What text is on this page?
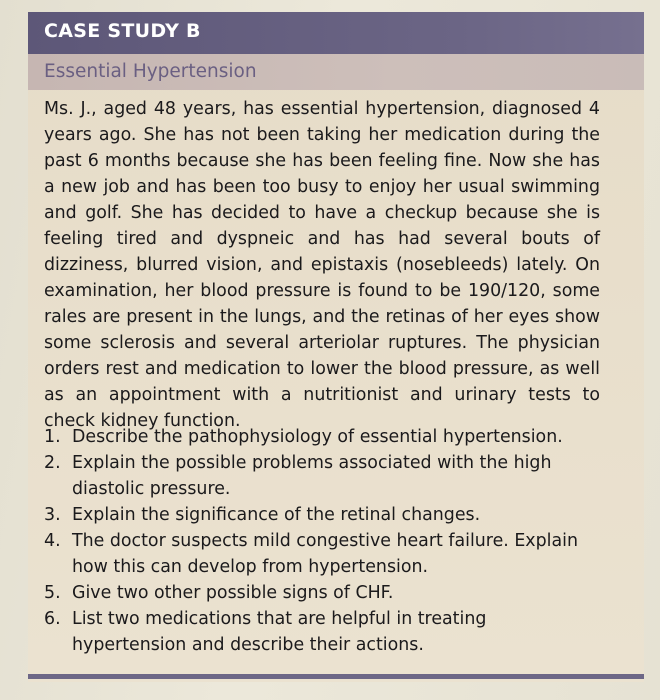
CASE STUDY B
Essential Hypertension

Ms. J., aged 48 years, has essential hypertension, diagnosed 4 years ago. She has not been taking her medication during the past 6 months because she has been feeling fine. Now she has a new job and has been too busy to enjoy her usual swimming and golf. She has decided to have a checkup because she is feeling tired and dyspneic and has had several bouts of dizziness, blurred vision, and epistaxis (nosebleeds) lately. On examination, her blood pressure is found to be 190/120, some rales are present in the lungs, and the retinas of her eyes show some sclerosis and several arteriolar ruptures. The physician orders rest and medication to lower the blood pressure, as well as an appointment with a nutritionist and urinary tests to check kidney function.

1. Describe the pathophysiology of essential hypertension.
2. Explain the possible problems associated with the high diastolic pressure.
3. Explain the significance of the retinal changes.
4. The doctor suspects mild congestive heart failure. Explain how this can develop from hypertension.
5. Give two other possible signs of CHF.
6. List two medications that are helpful in treating hypertension and describe their actions.
